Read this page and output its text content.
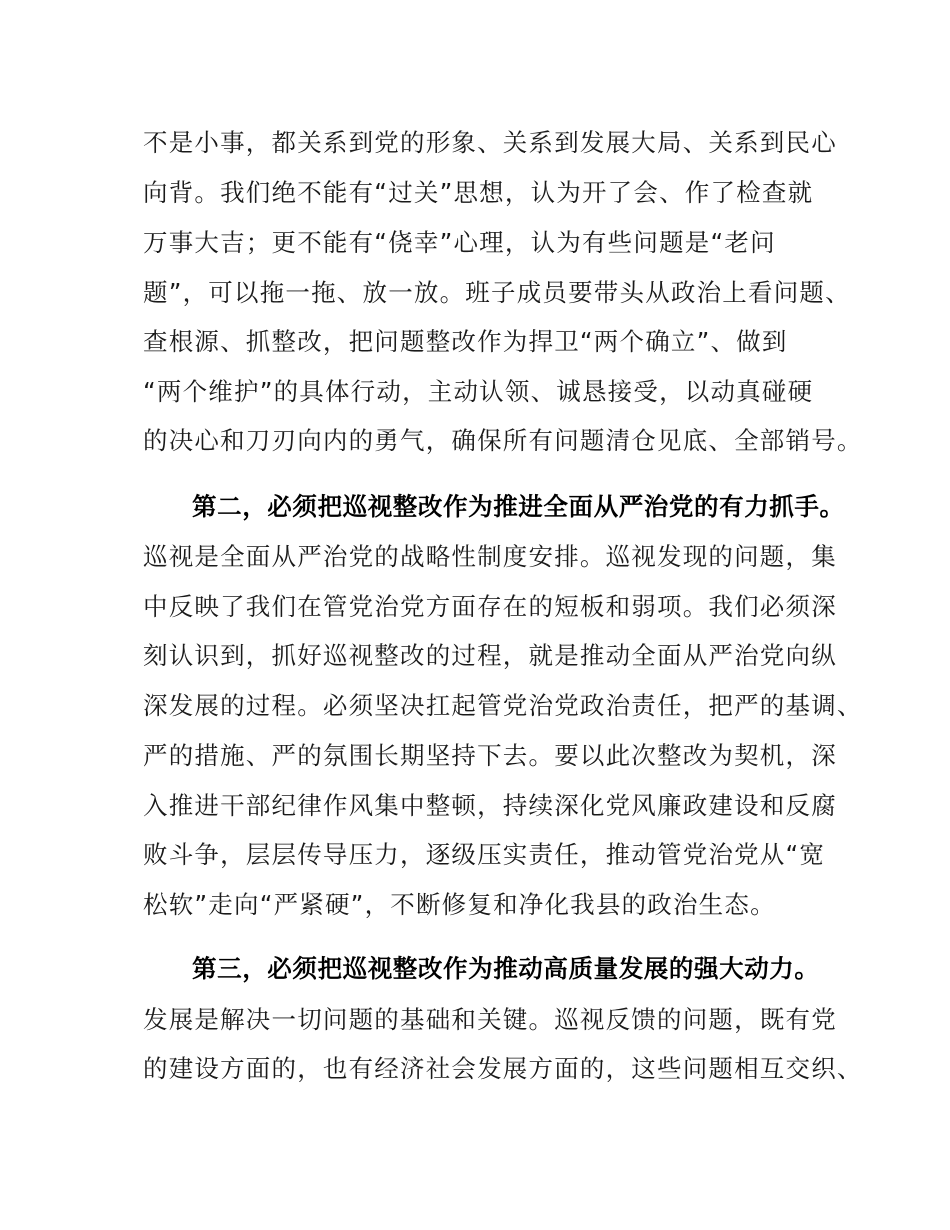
不是小事，都关系到党的形象、关系到发展大局、关系到民心
向背。我们绝不能有“过关”思想，认为开了会、作了检查就
万事大吉；更不能有“侥幸”心理，认为有些问题是“老问
题”，可以拖一拖、放一放。班子成员要带头从政治上看问题、
查根源、抓整改，把问题整改作为捍卫“两个确立”、做到
“两个维护”的具体行动，主动认领、诚恳接受，以动真碰硬
的决心和刀刃向内的勇气，确保所有问题清仓见底、全部销号。
第二，必须把巡视整改作为推进全面从严治党的有力抓手。
巡视是全面从严治党的战略性制度安排。巡视发现的问题，集
中反映了我们在管党治党方面存在的短板和弱项。我们必须深
刻认识到，抓好巡视整改的过程，就是推动全面从严治党向纵
深发展的过程。必须坚决扛起管党治党政治责任，把严的基调、
严的措施、严的氛围长期坚持下去。要以此次整改为契机，深
入推进干部纪律作风集中整顿，持续深化党风廉政建设和反腐
败斗争，层层传导压力，逐级压实责任，推动管党治党从“宽
松软”走向“严紧硬”，不断修复和净化我县的政治生态。
第三，必须把巡视整改作为推动高质量发展的强大动力。
发展是解决一切问题的基础和关键。巡视反馈的问题，既有党
的建设方面的，也有经济社会发展方面的，这些问题相互交织、
